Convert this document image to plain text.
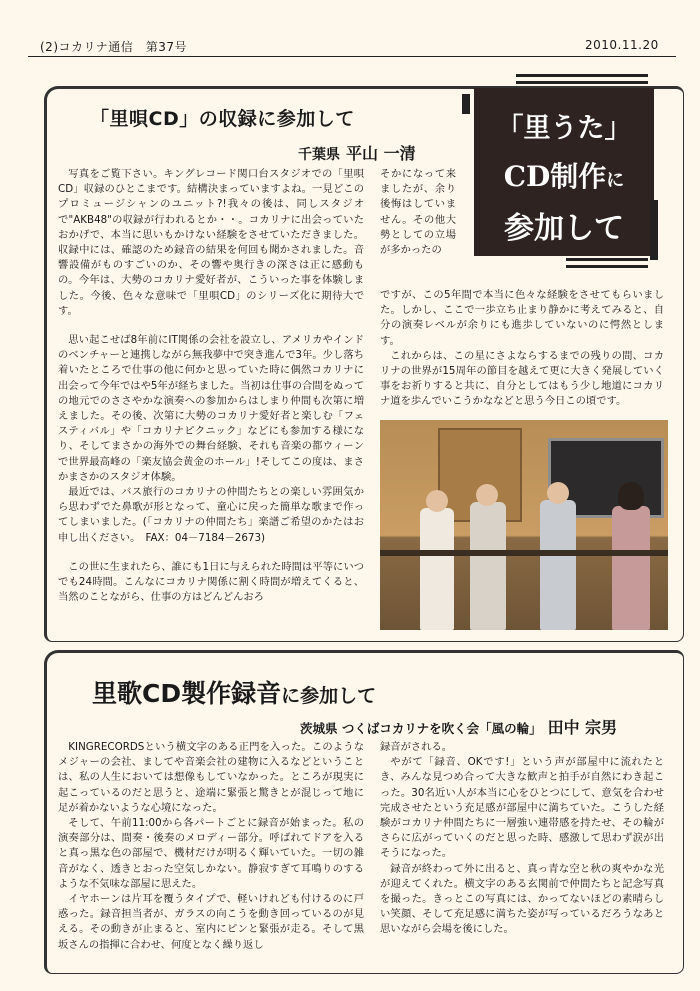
(2)コカリナ通信　第37号	2010.11.20
「里唄CD」の収録に参加して
千葉県 平山 一清
「里うた」
CD制作に
参加して

写真をご覧下さい。キングレコード関口台スタジオでの「里唄CD」収録のひとこまです。結構決まっていますよね。一見どこのプロミュージシャンのユニット?!我々の後は、同しスタジオで"AKB48"の収録が行われるとか・・。コカリナに出会っていたおかげで、本当に思いもかけない経験をさせていただきました。収録中には、確認のため録音の結果を何回も聞かされました。音響設備がものすごいのか、その響や奥行きの深さは正に感動もの。今年は、大勢のコカリナ愛好者が、こういった事を体験しました。今後、色々な意味で「里唄CD」のシリーズ化に期待大です。

思い起こせば8年前にIT関係の会社を設立し、アメリカやインドのベンチャーと連携しながら無我夢中で突き進んで3年。少し落ち着いたところで仕事の他に何かと思っていた時に偶然コカリナに出会って今年ではや5年が経ちました。当初は仕事の合間をぬっての地元でのささやかな演奏への参加からはしまり仲間も次第に増えました。その後、次第に大勢のコカリナ愛好者と楽しむ「フェスティバル」や「コカリナピクニック」などにも参加する様になり、そしてまさかの海外での舞台経験、それも音楽の都ウィーンで世界最高峰の「楽友協会黄金のホール」!そしてこの度は、まさかまさかのスタジオ体験。

最近では、バス旅行のコカリナの仲間たちとの楽しい雰囲気から思わずでた鼻歌が形となって、童心に戻った簡単な歌まで作ってしまいました。(「コカリナの仲間たち」楽譜ご希望のかたはお申し出ください。　FAX：04－7184－2673)

この世に生まれたら、誰にも1日に与えられた時間は平等にいつでも24時間。こんなにコカリナ関係に割く時間が増えてくると、当然のことながら、仕事の方はどんどんおろ

そかになって来ましたが、余り後悔はしていません。その他大勢としての立場が多かったの

ですが、この5年間で本当に色々な経験をさせてもらいました。しかし、ここで一歩立ち止まり静かに考えてみると、自分の演奏レベルが余りにも進歩していないのに愕然とします。

これからは、この星にさよならするまでの残りの間、コカリナの世界が15周年の節目を越えて更に大きく発展していく事をお祈りすると共に、自分としてはもう少し地道にコカリナ道を歩んでいこうかななどと思う今日この頃です。

里歌CD製作録音に参加して
茨城県 つくばコカリナを吹く会「風の輪」 田中 宗男

KINGRECORDSという横文字のある正門を入った。このようなメジャーの会社、ましてや音楽会社の建物に入るなどということは、私の人生においては想像もしていなかった。ところが現実に起こっているのだと思うと、途端に緊張と驚きとが混じって地に足が着かないような心境になった。

そして、午前11:00から各パートごとに録音が始まった。私の演奏部分は、間奏・後奏のメロディー部分。呼ばれてドアを入ると真っ黒な色の部屋で、機材だけが明るく輝いていた。一切の雑音がなく、透きとおった空気しかない。静寂すぎて耳鳴りのするような不気味な部屋に思えた。

イヤホーンは片耳を覆うタイプで、軽いけれども付けるのに戸惑った。録音担当者が、ガラスの向こうを動き回っているのが見える。その動きが止まると、室内にピンと緊張が走る。そして黒坂さんの指揮に合わせ、何度となく繰り返し

録音がされる。

やがて「録音、OKです!」という声が部屋中に流れたとき、みんな見つめ合って大きな歓声と拍手が自然にわき起こった。30名近い人が本当に心をひとつにして、意気を合わせ完成させたという充足感が部屋中に満ちていた。こうした経験がコカリナ仲間たちに一層強い連帯感を持たせ、その輪がさらに広がっていくのだと思った時、感激して思わず涙が出そうになった。

録音が終わって外に出ると、真っ青な空と秋の爽やかな光が迎えてくれた。横文字のある玄関前で仲間たちと記念写真を撮った。きっとこの写真には、かってないほどの素晴らしい笑顔、そして充足感に満ちた姿が写っているだろうなあと思いながら会場を後にした。
